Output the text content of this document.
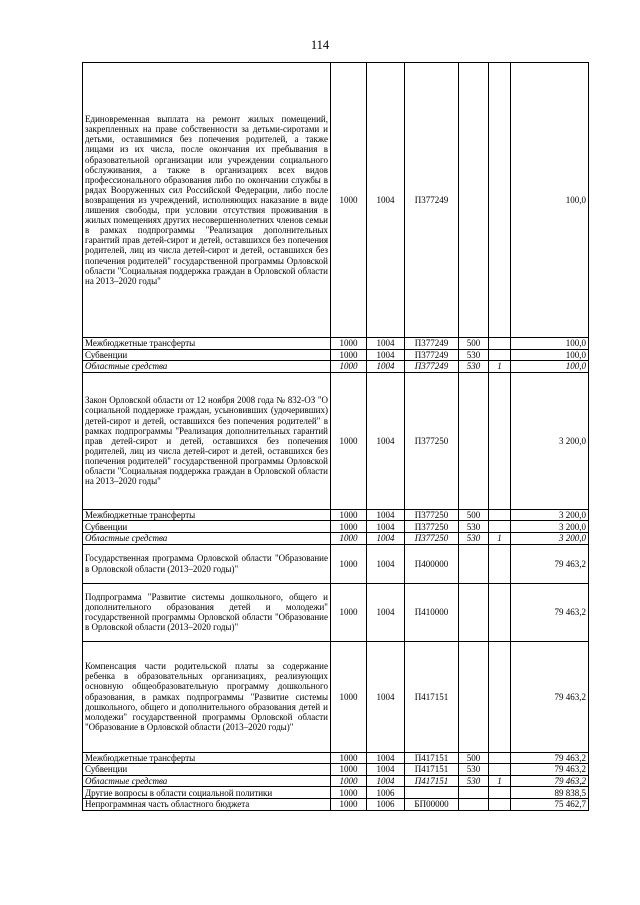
114
Единовременная выплата на ремонт жилых помещений, закрепленных на праве собственности за детьми-сиротами и детьми, оставшимися без попечения родителей, а также лицами из их числа, после окончания их пребывания в образовательной организации или учреждении социального обслуживания, а также в организациях всех видов профессионального образования либо по окончании службы в рядах Вооруженных сил Российской Федерации, либо после возвращения из учреждений, исполняющих наказание в виде лишения свободы, при условии отсутствия проживания в жилых помещениях других несовершеннолетних членов семьи в рамках подпрограммы "Реализация дополнительных гарантий прав детей-сирот и детей, оставшихся без попечения родителей, лиц из числа детей-сирот и детей, оставшихся без попечения родителей" государственной программы Орловской области "Социальная поддержка граждан в Орловской области на 2013–2020 годы"	1000	1004	П377249			100,0
Межбюджетные трансферты	1000	1004	П377249	500		100,0
Субвенции	1000	1004	П377249	530		100,0
Областные средства	1000	1004	П377249	530	1	100,0
Закон Орловской области от 12 ноября 2008 года № 832-ОЗ "О социальной поддержке граждан, усыновивших (удочеривших) детей-сирот и детей, оставшихся без попечения родителей" в рамках подпрограммы "Реализация дополнительных гарантий прав детей-сирот и детей, оставшихся без попечения родителей, лиц из числа детей-сирот и детей, оставшихся без попечения родителей" государственной программы Орловской области "Социальная поддержка граждан в Орловской области на 2013–2020 годы"	1000	1004	П377250			3 200,0
Межбюджетные трансферты	1000	1004	П377250	500		3 200,0
Субвенции	1000	1004	П377250	530		3 200,0
Областные средства	1000	1004	П377250	530	1	3 200,0
Государственная программа Орловской области "Образование в Орловской области (2013–2020 годы)"	1000	1004	П400000			79 463,2
Подпрограмма "Развитие системы дошкольного, общего и дополнительного образования детей и молодежи" государственной программы Орловской области "Образование в Орловской области (2013–2020 годы)"	1000	1004	П410000			79 463,2
Компенсация части родительской платы за содержание ребенка в образовательных организациях, реализующих основную общеобразовательную программу дошкольного образования, в рамках подпрограммы "Развитие системы дошкольного, общего и дополнительного образования детей и молодежи" государственной программы Орловской области "Образование в Орловской области (2013–2020 годы)"	1000	1004	П417151			79 463,2
Межбюджетные трансферты	1000	1004	П417151	500		79 463,2
Субвенции	1000	1004	П417151	530		79 463,2
Областные средства	1000	1004	П417151	530	1	79 463,2
Другие вопросы в области социальной политики	1000	1006				89 838,5
Непрограммная часть областного бюджета	1000	1006	БП00000			75 462,7
